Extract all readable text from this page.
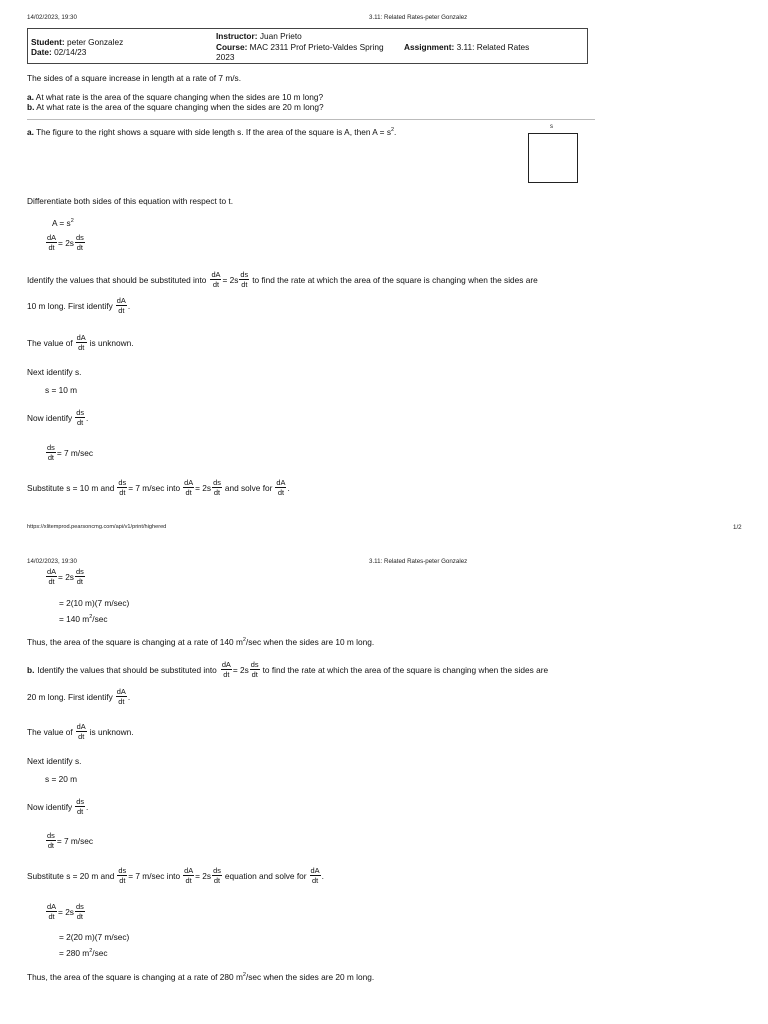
14/02/2023, 19:30	3.11: Related Rates-peter Gonzalez
Student: peter Gonzalez
Date: 02/14/23
Instructor: Juan Prieto
Course: MAC 2311 Prof Prieto-Valdes Spring
2023
Assignment: 3.11: Related Rates
The sides of a square increase in length at a rate of 7 m/s.
a. At what rate is the area of the square changing when the sides are 10 m long?
b. At what rate is the area of the square changing when the sides are 20 m long?
a. The figure to the right shows a square with side length s. If the area of the square is A, then $A = s^2$.	s
Differentiate both sides of this equation with respect to t.
$A = s^2$
$\frac{dA}{dt} = 2s \frac{ds}{dt}$
Identify the values that should be substituted into $\frac{dA}{dt} = 2s \frac{ds}{dt}$ to find the rate at which the area of the square is changing when the sides are
10 m long. First identify $\frac{dA}{dt}$ .
The value of $\frac{dA}{dt}$ is unknown.
Next identify s.
s = 10 m
Now identify $\frac{ds}{dt}$ .
$\frac{ds}{dt} = 7$ m/sec
Substitute s = 10 m and $\frac{ds}{dt} = 7$ m/sec into $\frac{dA}{dt} = 2s \frac{ds}{dt}$ and solve for $\frac{dA}{dt}$ .
https://xlitemprod.pearsoncmg.com/api/v1/print/highered	1/2
14/02/2023, 19:30	3.11: Related Rates-peter Gonzalez
$\frac{dA}{dt} = 2s \frac{ds}{dt}$
= 2(10 m)(7 m/sec)
= 140 $m^2/\sec$
Thus, the area of the square is changing at a rate of 140 $m^2/\sec$ when the sides are 10 m long.
b. Identify the values that should be substituted into $\frac{dA}{dt} = 2s \frac{ds}{dt}$ to find the rate at which the area of the square is changing when the sides are
20 m long. First identify $\frac{dA}{dt}$ .
The value of $\frac{dA}{dt}$ is unknown.
Next identify s.
s = 20 m
Now identify $\frac{ds}{dt}$ .
$\frac{ds}{dt} = 7$ m/sec
Substitute s = 20 m and $\frac{ds}{dt} = 7$ m/sec into $\frac{dA}{dt} = 2s \frac{ds}{dt}$ equation and solve for $\frac{dA}{dt}$ .
$\frac{dA}{dt} = 2s \frac{ds}{dt}$
= 2(20 m)(7 m/sec)
= 280 $m^2/\sec$
Thus, the area of the square is changing at a rate of 280 $m^2/\sec$ when the sides are 20 m long.
